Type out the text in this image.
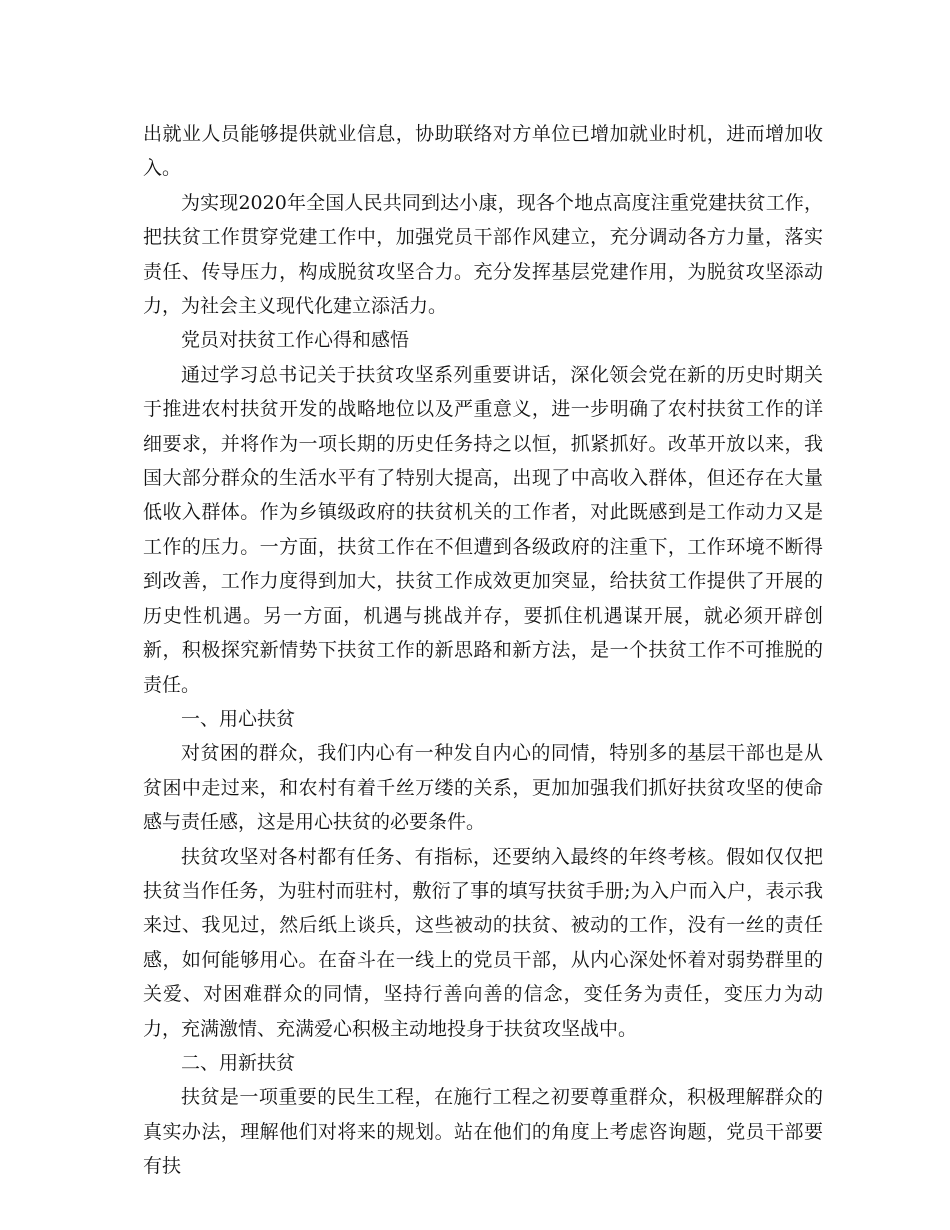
出就业人员能够提供就业信息，协助联络对方单位已增加就业时机，进而增加收入。

为实现2020年全国人民共同到达小康，现各个地点高度注重党建扶贫工作，把扶贫工作贯穿党建工作中，加强党员干部作风建立，充分调动各方力量，落实责任、传导压力，构成脱贫攻坚合力。充分发挥基层党建作用，为脱贫攻坚添动力，为社会主义现代化建立添活力。

党员对扶贫工作心得和感悟

通过学习总书记关于扶贫攻坚系列重要讲话，深化领会党在新的历史时期关于推进农村扶贫开发的战略地位以及严重意义，进一步明确了农村扶贫工作的详细要求，并将作为一项长期的历史任务持之以恒，抓紧抓好。改革开放以来，我国大部分群众的生活水平有了特别大提高，出现了中高收入群体，但还存在大量低收入群体。作为乡镇级政府的扶贫机关的工作者，对此既感到是工作动力又是工作的压力。一方面，扶贫工作在不但遭到各级政府的注重下，工作环境不断得到改善，工作力度得到加大，扶贫工作成效更加突显，给扶贫工作提供了开展的历史性机遇。另一方面，机遇与挑战并存，要抓住机遇谋开展，就必须开辟创新，积极探究新情势下扶贫工作的新思路和新方法，是一个扶贫工作不可推脱的责任。

一、用心扶贫

对贫困的群众，我们内心有一种发自内心的同情，特别多的基层干部也是从贫困中走过来，和农村有着千丝万缕的关系，更加加强我们抓好扶贫攻坚的使命感与责任感，这是用心扶贫的必要条件。

扶贫攻坚对各村都有任务、有指标，还要纳入最终的年终考核。假如仅仅把扶贫当作任务，为驻村而驻村，敷衍了事的填写扶贫手册;为入户而入户，表示我来过、我见过，然后纸上谈兵，这些被动的扶贫、被动的工作，没有一丝的责任感，如何能够用心。在奋斗在一线上的党员干部，从内心深处怀着对弱势群里的关爱、对困难群众的同情，坚持行善向善的信念，变任务为责任，变压力为动力，充满激情、充满爱心积极主动地投身于扶贫攻坚战中。

二、用新扶贫

扶贫是一项重要的民生工程，在施行工程之初要尊重群众，积极理解群众的真实办法，理解他们对将来的规划。站在他们的角度上考虑咨询题，党员干部要有扶
